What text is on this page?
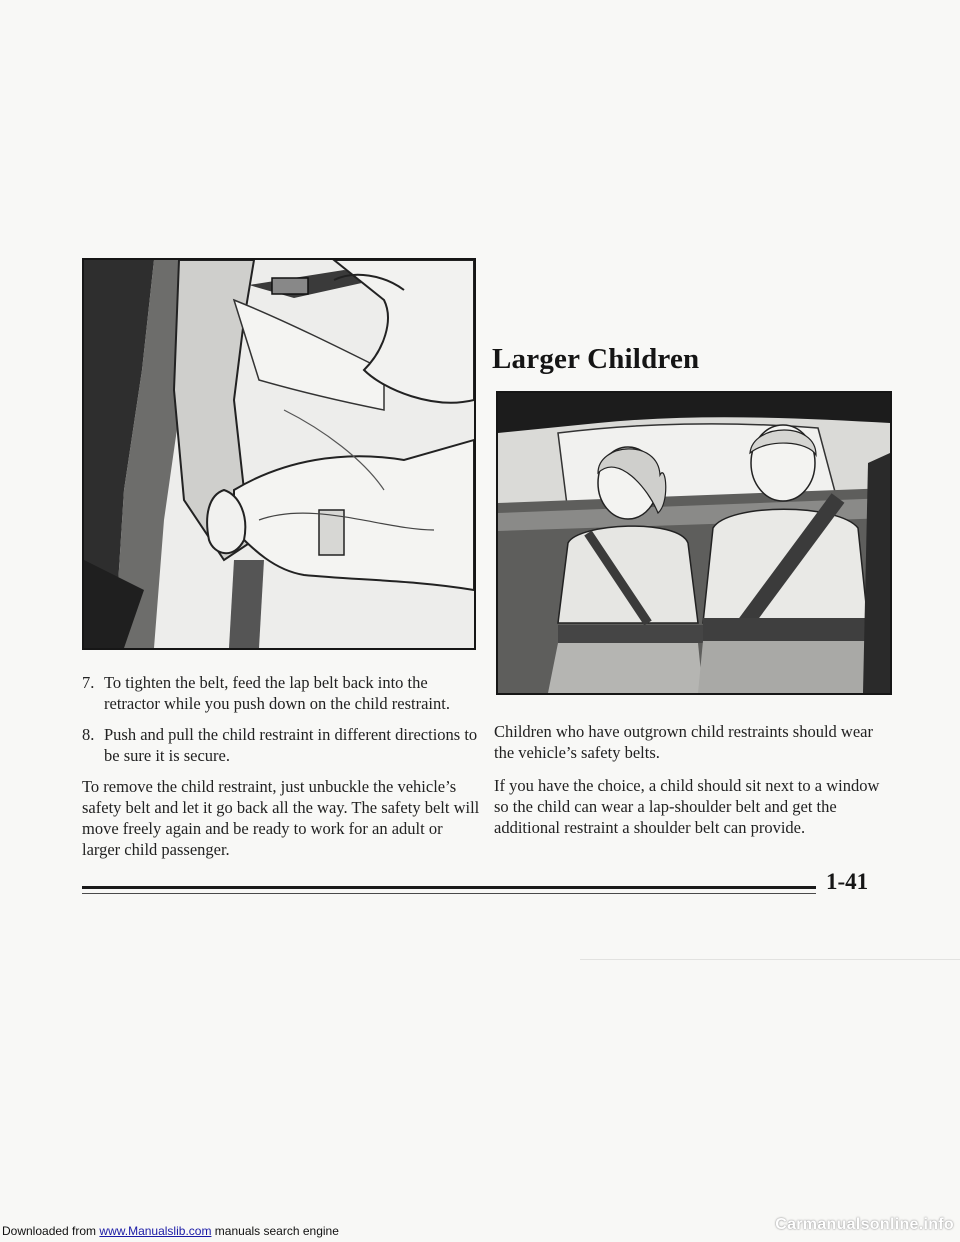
Larger Children
7. To tighten the belt, feed the lap belt back into the retractor while you push down on the child restraint.
8. Push and pull the child restraint in different directions to be sure it is secure.

To remove the child restraint, just unbuckle the vehicle’s safety belt and let it go back all the way. The safety belt will move freely again and be ready to work for an adult or larger child passenger.

Children who have outgrown child restraints should wear the vehicle’s safety belts.

If you have the choice, a child should sit next to a window so the child can wear a lap-shoulder belt and get the additional restraint a shoulder belt can provide.

1-41
Downloaded from www.Manualslib.com manuals search engine	Carmanualsonline.info
